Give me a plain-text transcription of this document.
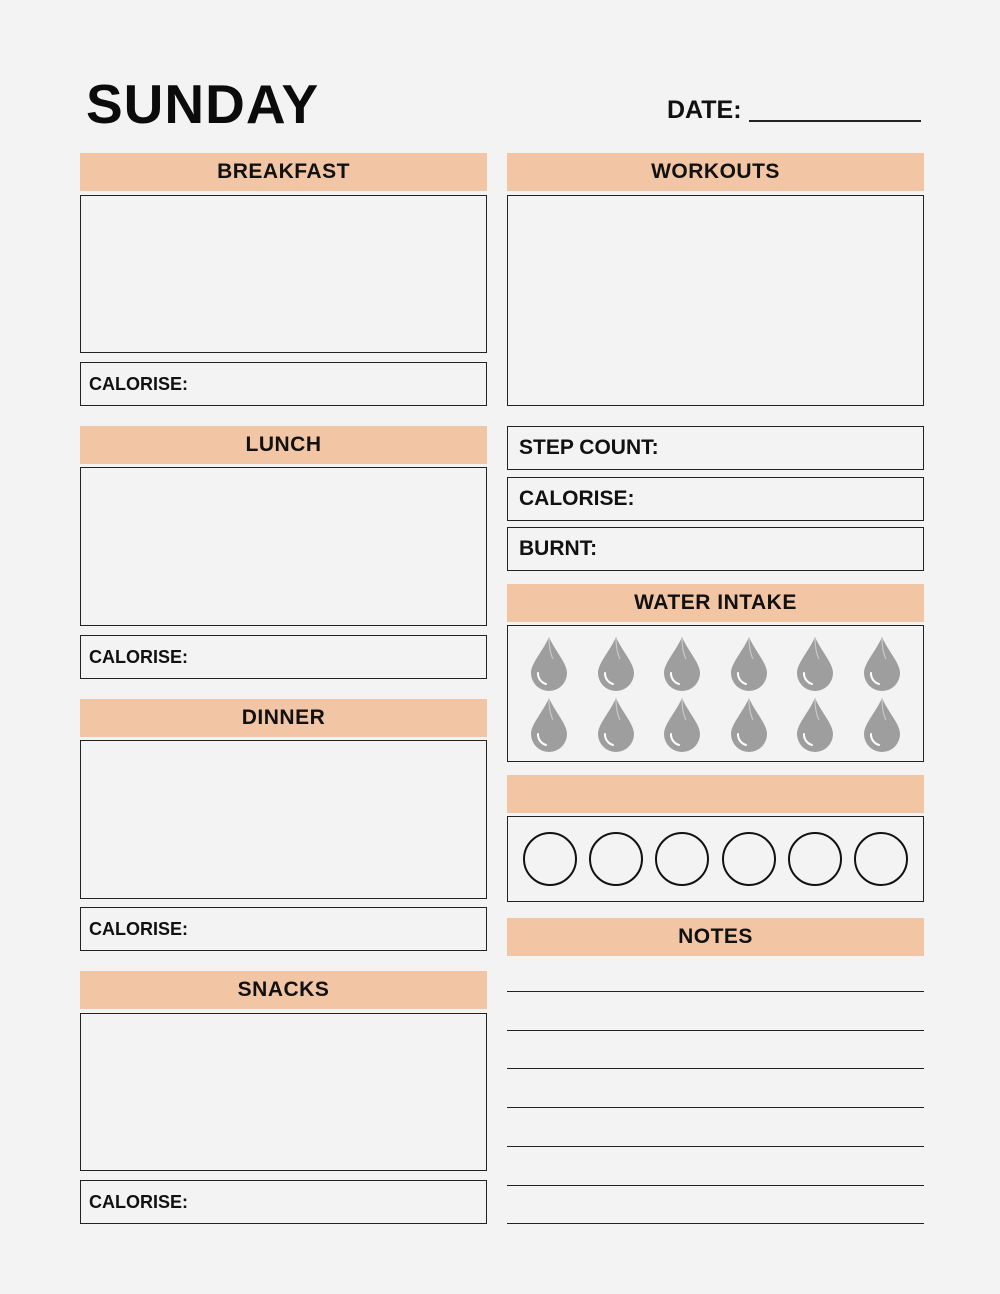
SUNDAY	DATE:
BREAKFAST
CALORISE:
LUNCH
CALORISE:
DINNER
CALORISE:
SNACKS
CALORISE:
WORKOUTS
STEP COUNT:
CALORISE:
BURNT:
WATER INTAKE
NOTES
